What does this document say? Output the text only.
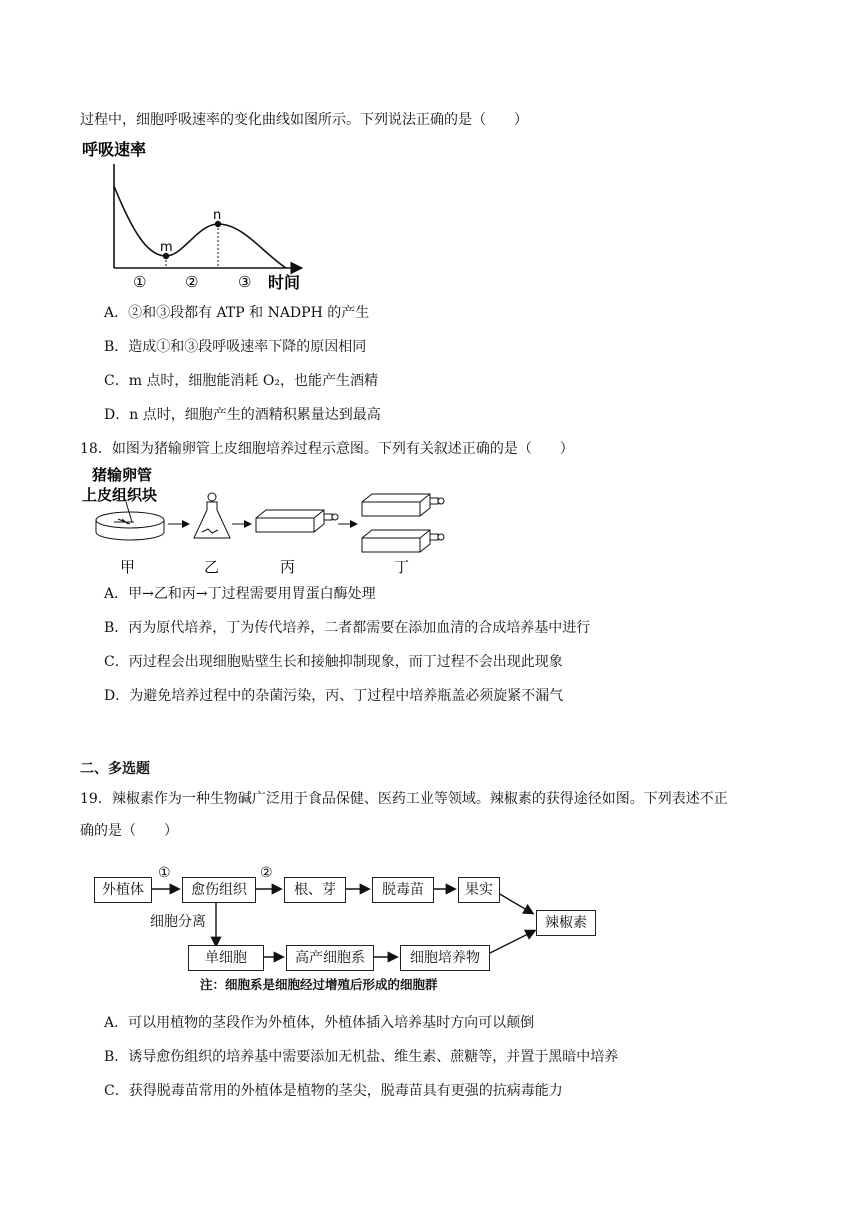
过程中，细胞呼吸速率的变化曲线如图所示。下列说法正确的是（　　）
呼吸速率
m
n
①	②	③ 时间
A．②和③段都有 ATP 和 NADPH 的产生
B．造成①和③段呼吸速率下降的原因相同
C．m 点时，细胞能消耗 O₂，也能产生酒精
D．n 点时，细胞产生的酒精积累量达到最高
18．如图为猪输卵管上皮细胞培养过程示意图。下列有关叙述正确的是（　　）
猪输卵管
上皮组织块
甲	乙	丙	丁
A．甲→乙和丙→丁过程需要用胃蛋白酶处理
B．丙为原代培养，丁为传代培养，二者都需要在添加血清的合成培养基中进行
C．丙过程会出现细胞贴壁生长和接触抑制现象，而丁过程不会出现此现象
D．为避免培养过程中的杂菌污染，丙、丁过程中培养瓶盖必须旋紧不漏气
二、多选题
19．辣椒素作为一种生物碱广泛用于食品保健、医药工业等领域。辣椒素的获得途径如图。下列表述不正
确的是（　　）
①	②
外植体	愈伤组织	根、芽	脱毒苗	果实
辣椒素
细胞分离
单细胞	高产细胞系	细胞培养物
注：细胞系是细胞经过增殖后形成的细胞群
A．可以用植物的茎段作为外植体，外植体插入培养基时方向可以颠倒
B．诱导愈伤组织的培养基中需要添加无机盐、维生素、蔗糖等，并置于黑暗中培养
C．获得脱毒苗常用的外植体是植物的茎尖，脱毒苗具有更强的抗病毒能力
